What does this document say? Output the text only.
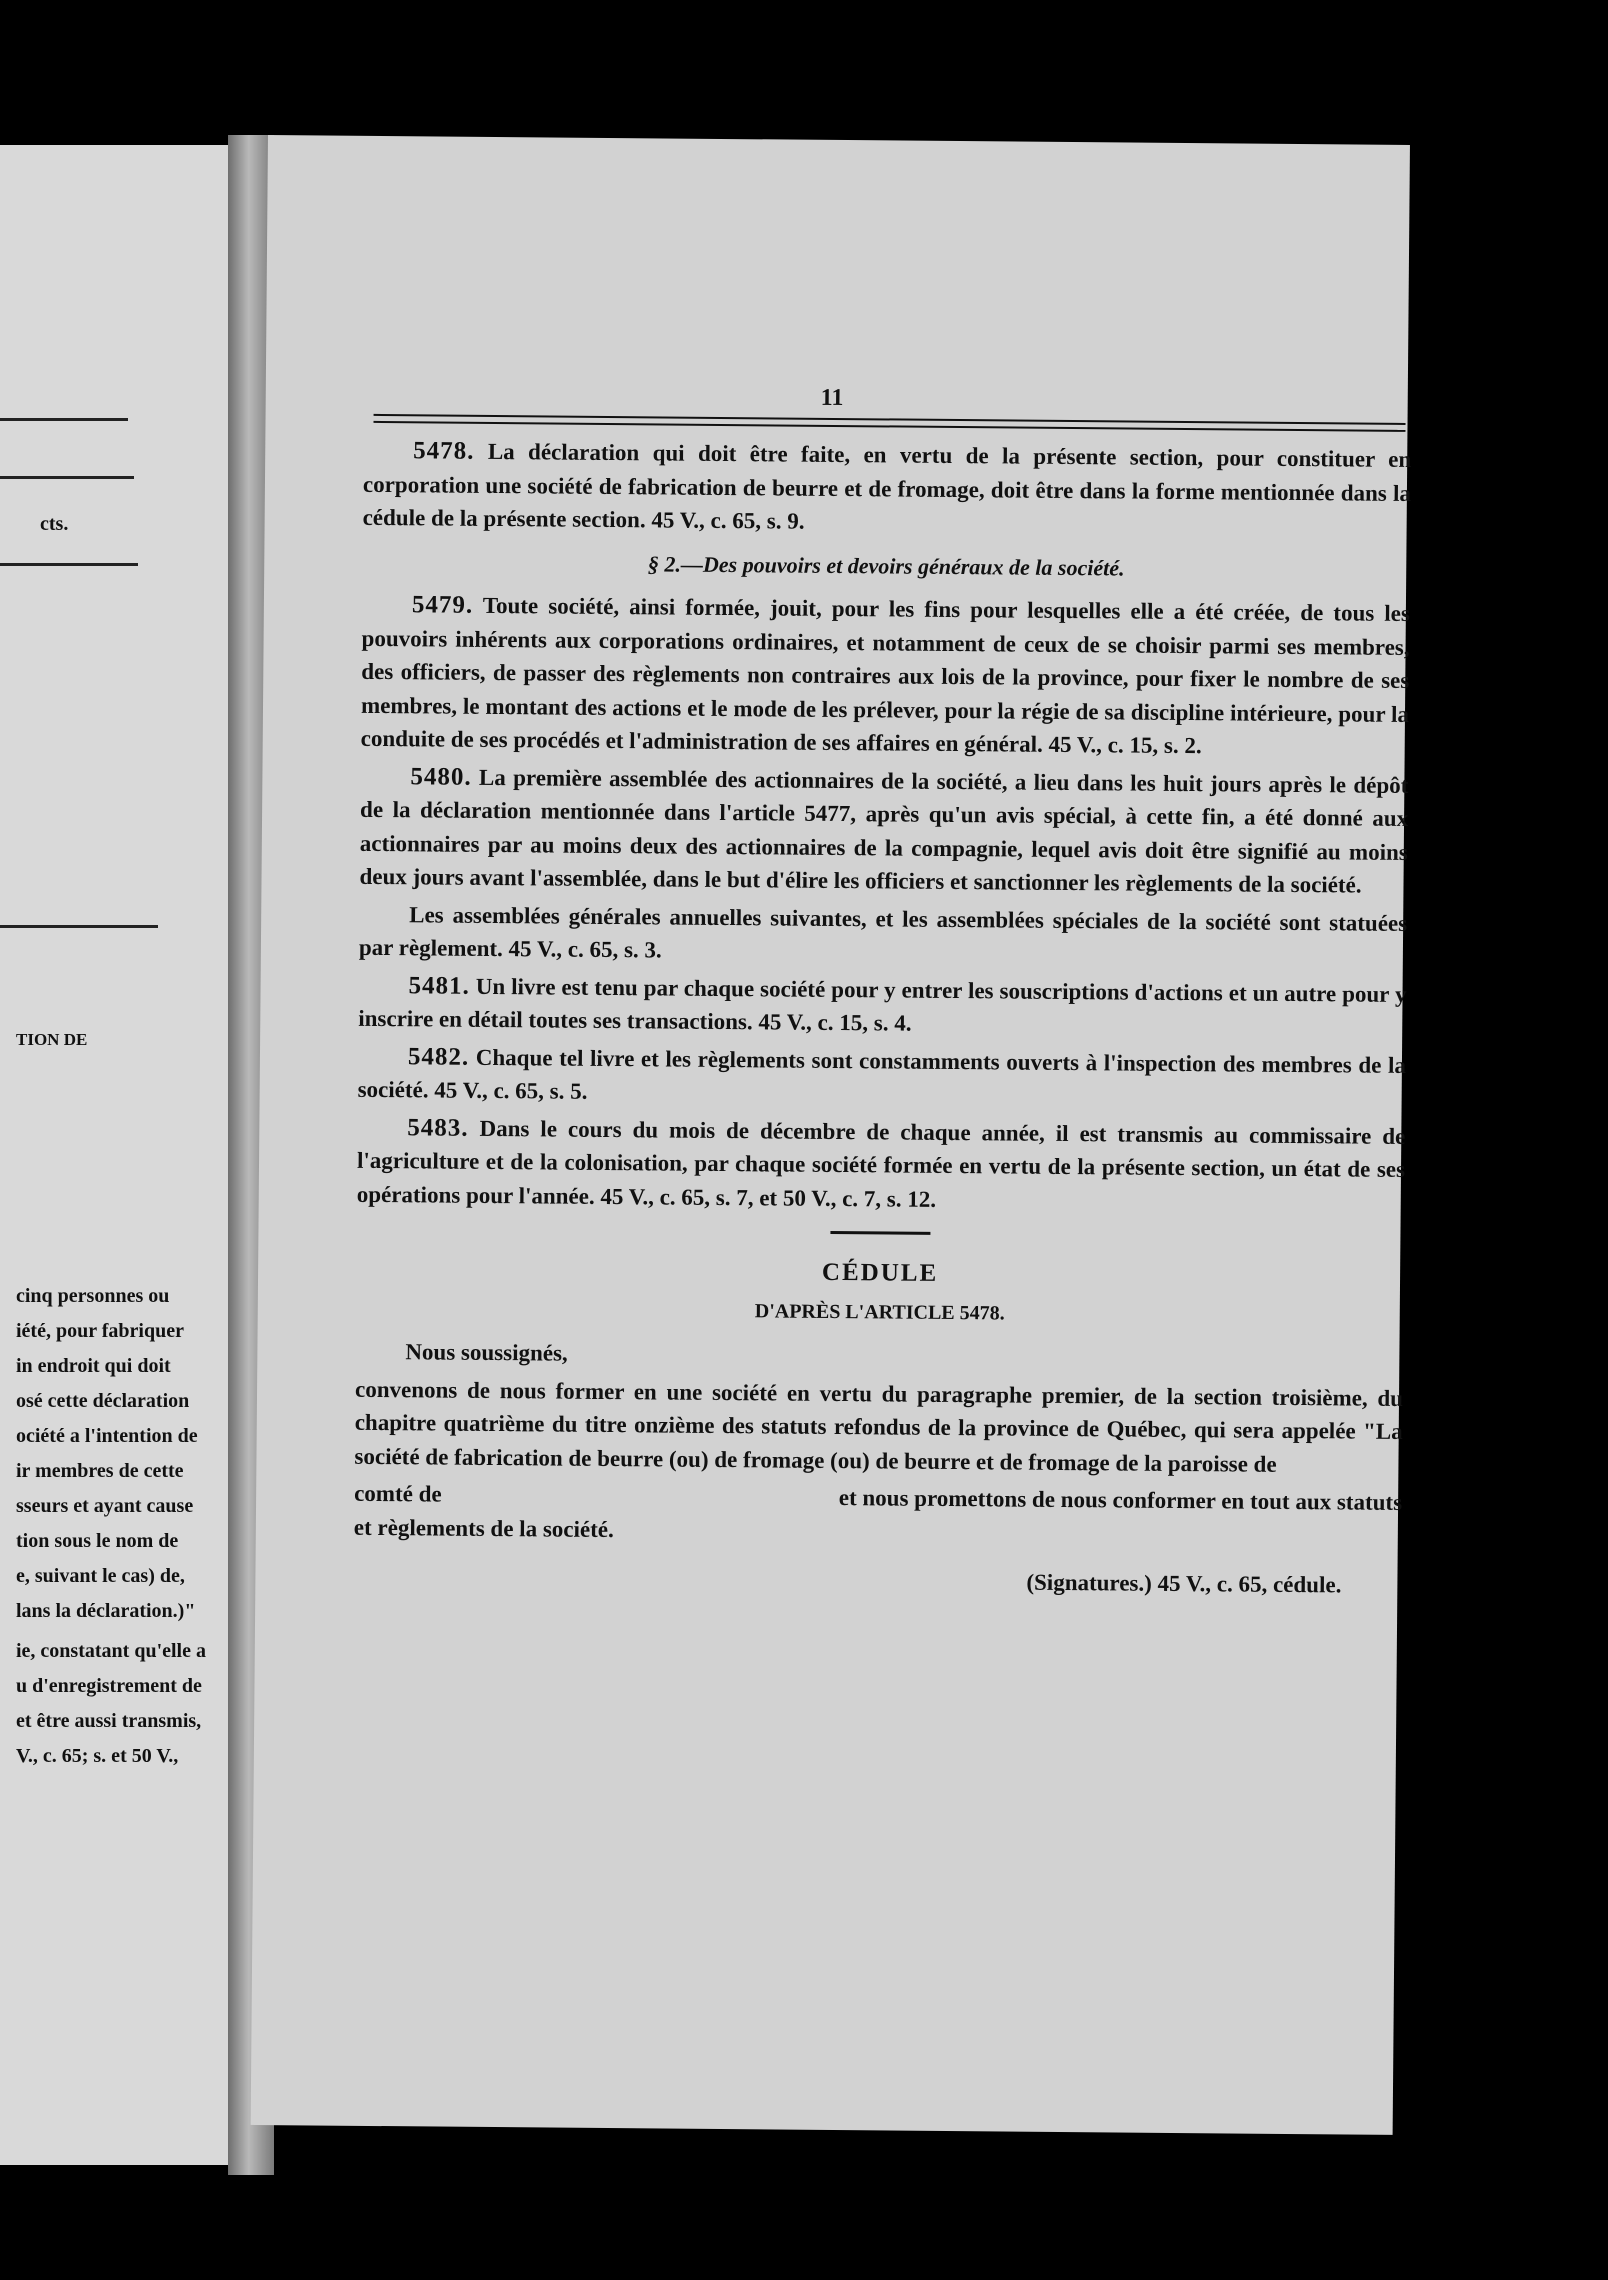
cts.
TION DE
cinq personnes ou
iété, pour fabriquer
in endroit qui doit
osé cette déclaration
ociété a l'intention de
ir membres de cette
sseurs et ayant cause
tion sous le nom de
e, suivant le cas) de,
lans la déclaration.)"
ie, constatant qu'elle a
u d'enregistrement de
et être aussi transmis,
V., c. 65; s. et 50 V.,
11

5478. La déclaration qui doit être faite, en vertu de la présente section, pour constituer en corporation une société de fabrication de beurre et de fromage, doit être dans la forme mentionnée dans la cédule de la présente section. 45 V., c. 65, s. 9.

§ 2.—Des pouvoirs et devoirs généraux de la société.

5479. Toute société, ainsi formée, jouit, pour les fins pour lesquelles elle a été créée, de tous les pouvoirs inhérents aux corporations ordinaires, et notamment de ceux de se choisir parmi ses membres, des officiers, de passer des règlements non contraires aux lois de la province, pour fixer le nombre de ses membres, le montant des actions et le mode de les prélever, pour la régie de sa discipline intérieure, pour la conduite de ses procédés et l'administration de ses affaires en général. 45 V., c. 15, s. 2.

5480. La première assemblée des actionnaires de la société, a lieu dans les huit jours après le dépôt de la déclaration mentionnée dans l'article 5477, après qu'un avis spécial, à cette fin, a été donné aux actionnaires par au moins deux des actionnaires de la compagnie, lequel avis doit être signifié au moins deux jours avant l'assemblée, dans le but d'élire les officiers et sanctionner les règlements de la société.

Les assemblées générales annuelles suivantes, et les assemblées spéciales de la société sont statuées par règlement. 45 V., c. 65, s. 3.

5481. Un livre est tenu par chaque société pour y entrer les souscriptions d'actions et un autre pour y inscrire en détail toutes ses transactions. 45 V., c. 15, s. 4.

5482. Chaque tel livre et les règlements sont constamments ouverts à l'inspection des membres de la société. 45 V., c. 65, s. 5.

5483. Dans le cours du mois de décembre de chaque année, il est transmis au commissaire de l'agriculture et de la colonisation, par chaque société formée en vertu de la présente section, un état de ses opérations pour l'année. 45 V., c. 65, s. 7, et 50 V., c. 7, s. 12.

CÉDULE
D'APRÈS L'ARTICLE 5478.

Nous soussignés,

convenons de nous former en une société en vertu du paragraphe premier, de la section troisième, du chapitre quatrième du titre onzième des statuts refondus de la province de Québec, qui sera appelée "La société de fabrication de beurre (ou) de fromage (ou) de beurre et de fromage de la paroisse de

comté de	et nous promettons de nous conformer en tout aux statuts
et règlements de la société.
(Signatures.) 45 V., c. 65, cédule.
